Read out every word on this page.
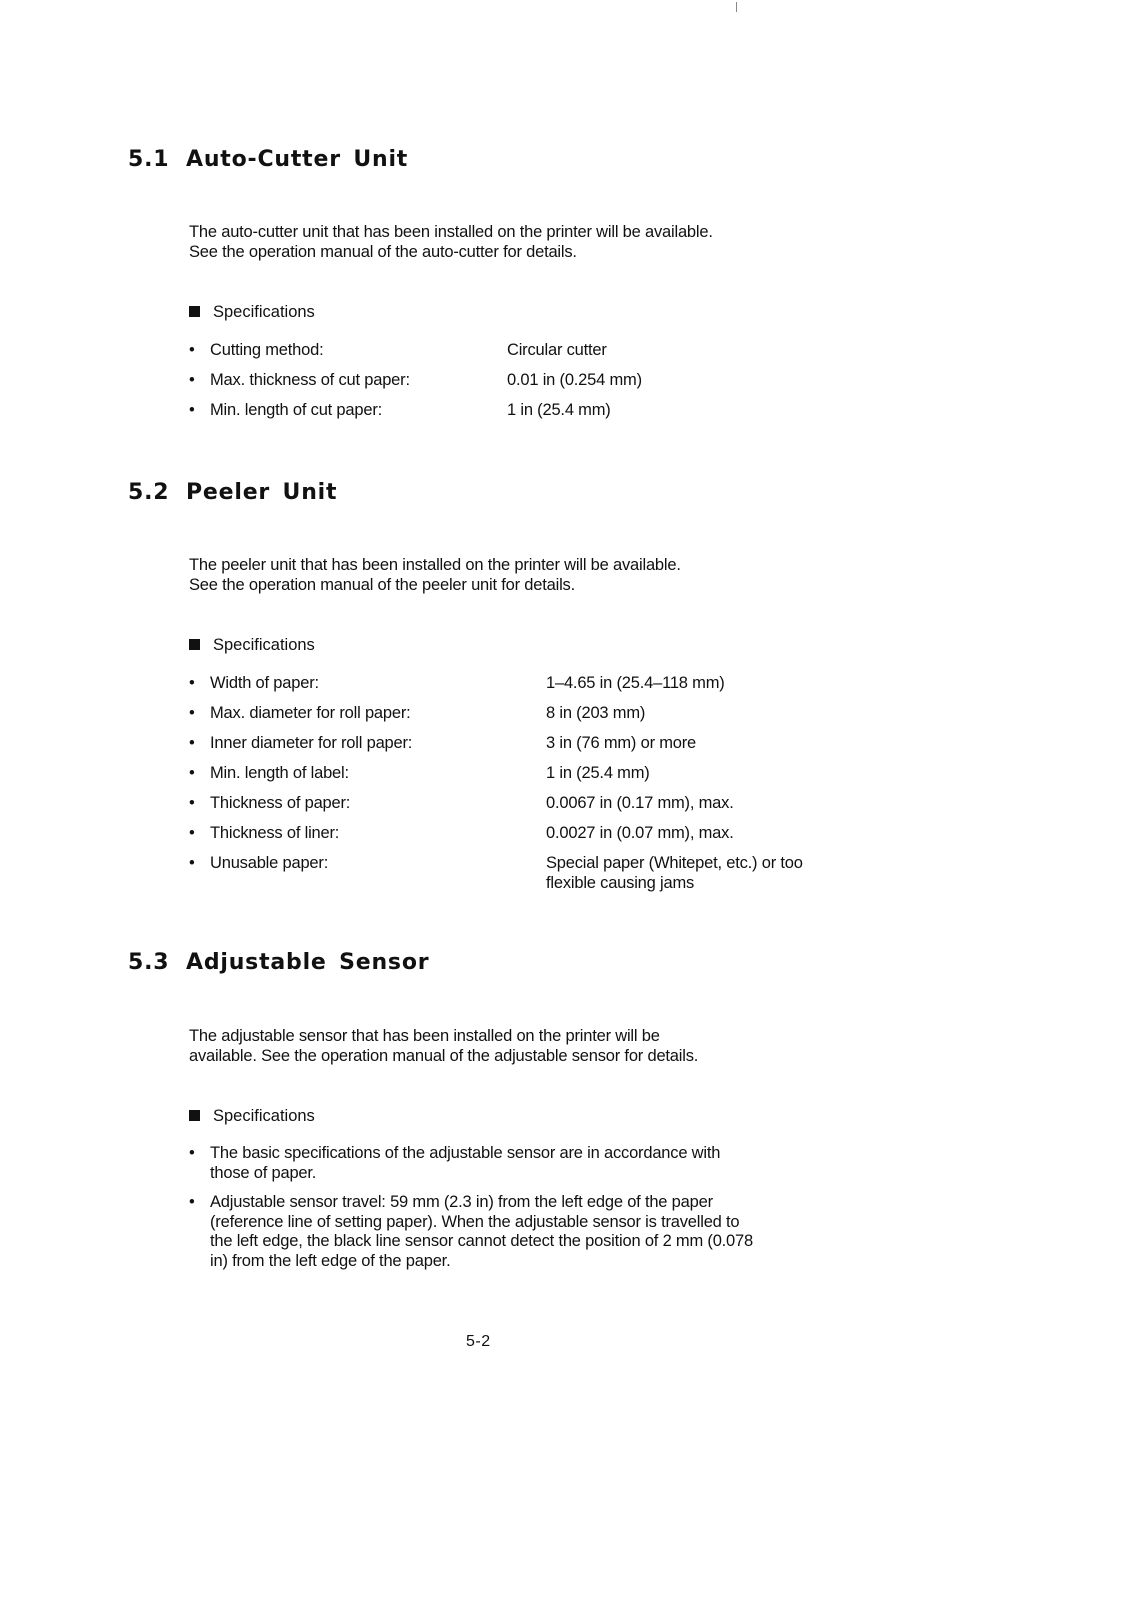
5.1 Auto-Cutter Unit
The auto-cutter unit that has been installed on the printer will be available.
See the operation manual of the auto-cutter for details.
Specifications
• Cutting method:	Circular cutter
• Max. thickness of cut paper:	0.01 in (0.254 mm)
• Min. length of cut paper:	1 in (25.4 mm)
5.2 Peeler Unit
The peeler unit that has been installed on the printer will be available.
See the operation manual of the peeler unit for details.
Specifications
• Width of paper:	1–4.65 in (25.4–118 mm)
• Max. diameter for roll paper:	8 in (203 mm)
• Inner diameter for roll paper:	3 in (76 mm) or more
• Min. length of label:	1 in (25.4 mm)
• Thickness of paper:	0.0067 in (0.17 mm), max.
• Thickness of liner:	0.0027 in (0.07 mm), max.
• Unusable paper:	Special paper (Whitepet, etc.) or too
flexible causing jams
5.3 Adjustable Sensor
The adjustable sensor that has been installed on the printer will be
available. See the operation manual of the adjustable sensor for details.
Specifications
• The basic specifications of the adjustable sensor are in accordance with
those of paper.
• Adjustable sensor travel: 59 mm (2.3 in) from the left edge of the paper
(reference line of setting paper). When the adjustable sensor is travelled to
the left edge, the black line sensor cannot detect the position of 2 mm (0.078
in) from the left edge of the paper.
5-2
